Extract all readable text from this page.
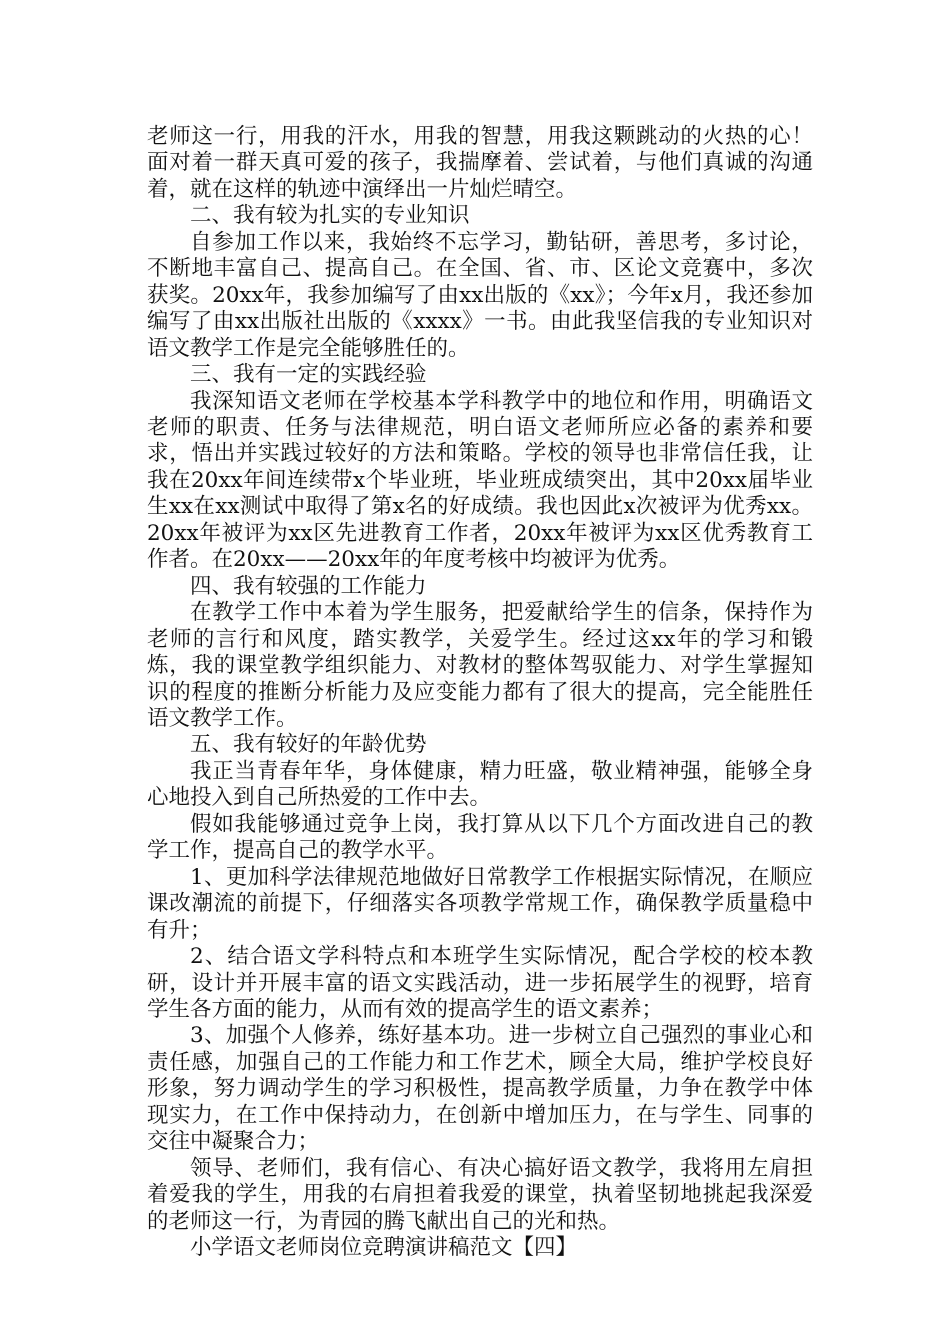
老师这一行，用我的汗水，用我的智慧，用我这颗跳动的火热的心！面对着一群天真可爱的孩子，我揣摩着、尝试着，与他们真诚的沟通着，就在这样的轨迹中演绎出一片灿烂晴空。

二、我有较为扎实的专业知识

自参加工作以来，我始终不忘学习，勤钻研，善思考，多讨论，不断地丰富自己、提高自己。在全国、省、市、区论文竞赛中，多次获奖。20xx年，我参加编写了由xx出版的《xx》；今年x月，我还参加编写了由xx出版社出版的《xxxx》一书。由此我坚信我的专业知识对语文教学工作是完全能够胜任的。

三、我有一定的实践经验

我深知语文老师在学校基本学科教学中的地位和作用，明确语文老师的职责、任务与法律规范，明白语文老师所应必备的素养和要求，悟出并实践过较好的方法和策略。学校的领导也非常信任我，让我在20xx年间连续带x个毕业班，毕业班成绩突出，其中20xx届毕业生xx在xx测试中取得了第x名的好成绩。我也因此x次被评为优秀xx。20xx年被评为xx区先进教育工作者，20xx年被评为xx区优秀教育工作者。在20xx——20xx年的年度考核中均被评为优秀。

四、我有较强的工作能力

在教学工作中本着为学生服务，把爱献给学生的信条，保持作为老师的言行和风度，踏实教学，关爱学生。经过这xx年的学习和锻炼，我的课堂教学组织能力、对教材的整体驾驭能力、对学生掌握知识的程度的推断分析能力及应变能力都有了很大的提高，完全能胜任语文教学工作。

五、我有较好的年龄优势

我正当青春年华，身体健康，精力旺盛，敬业精神强，能够全身心地投入到自己所热爱的工作中去。

假如我能够通过竞争上岗，我打算从以下几个方面改进自己的教学工作，提高自己的教学水平。

1、更加科学法律规范地做好日常教学工作根据实际情况，在顺应课改潮流的前提下，仔细落实各项教学常规工作，确保教学质量稳中有升；

2、结合语文学科特点和本班学生实际情况，配合学校的校本教研，设计并开展丰富的语文实践活动，进一步拓展学生的视野，培育学生各方面的能力，从而有效的提高学生的语文素养；

3、加强个人修养，练好基本功。进一步树立自己强烈的事业心和责任感，加强自己的工作能力和工作艺术，顾全大局，维护学校良好形象，努力调动学生的学习积极性，提高教学质量，力争在教学中体现实力，在工作中保持动力，在创新中增加压力，在与学生、同事的交往中凝聚合力；

领导、老师们，我有信心、有决心搞好语文教学，我将用左肩担着爱我的学生，用我的右肩担着我爱的课堂，执着坚韧地挑起我深爱的老师这一行，为青园的腾飞献出自己的光和热。

小学语文老师岗位竞聘演讲稿范文【四】
